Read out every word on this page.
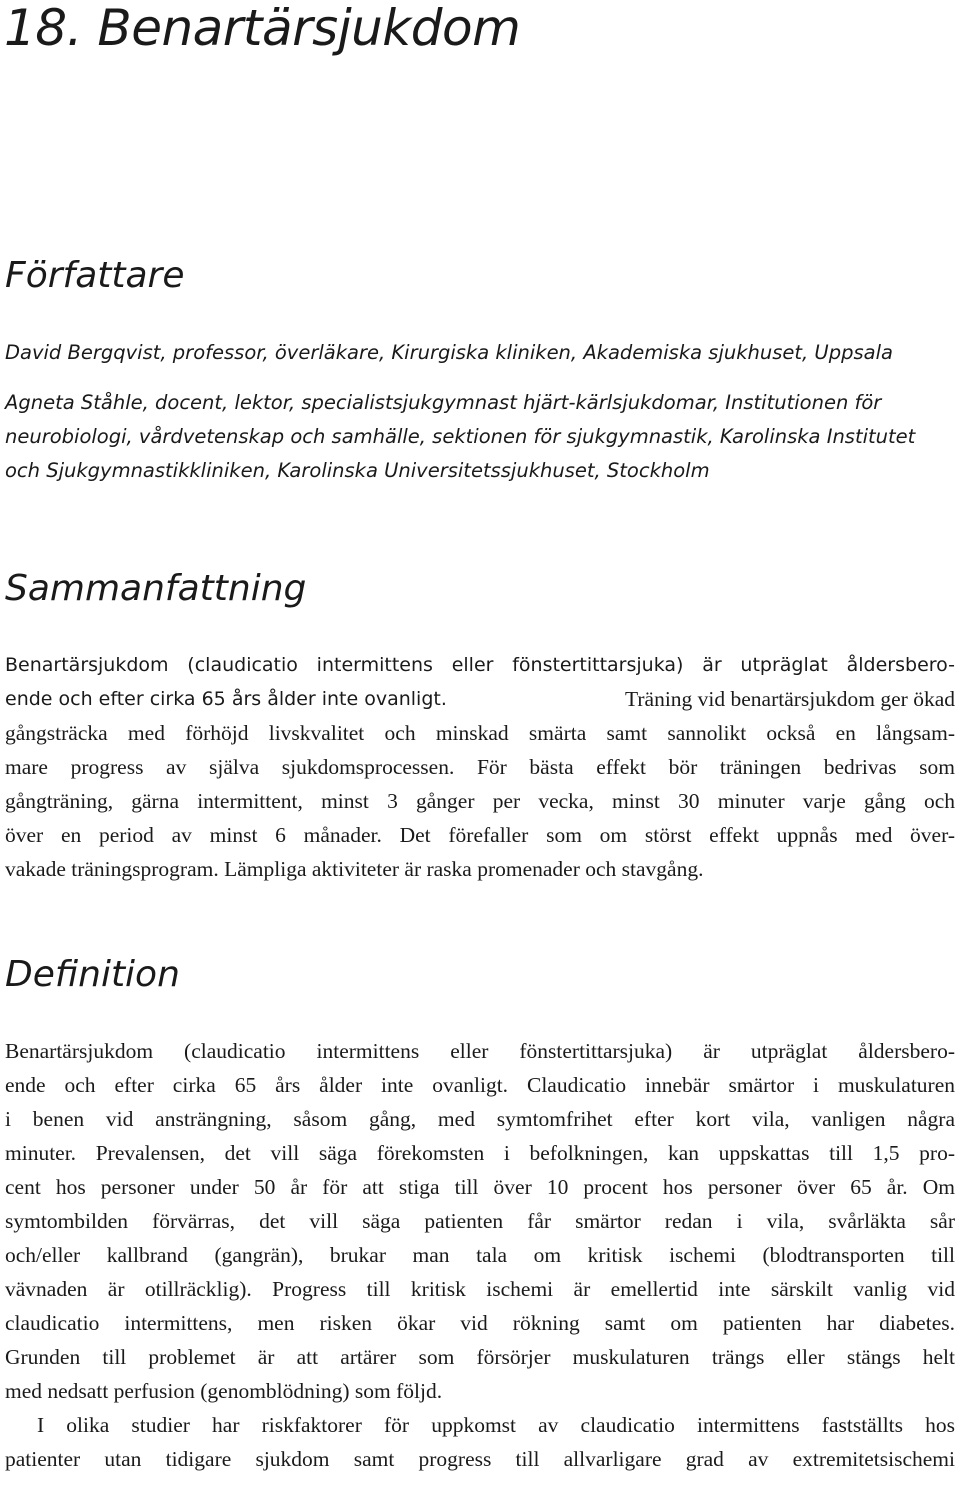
18. Benartärsjukdom
Författare
David Bergqvist, professor, överläkare, Kirurgiska kliniken, Akademiska sjukhuset, Uppsala
Agneta Ståhle, docent, lektor, specialistsjukgymnast hjärt-kärlsjukdomar, Institutionen för
neurobiologi, vårdvetenskap och samhälle, sektionen för sjukgymnastik, Karolinska Institutet
och Sjukgymnastikkliniken, Karolinska Universitetssjukhuset, Stockholm
Sammanfattning
Benartärsjukdom (claudicatio intermittens eller fönstertittarsjuka) är utpräglat åldersbero-
ende och efter cirka 65 års ålder inte ovanligt.	Träning vid benartärsjukdom ger ökad
gångsträcka med förhöjd livskvalitet och minskad smärta samt sannolikt också en långsam-
mare progress av själva sjukdomsprocessen. För bästa effekt bör träningen bedrivas som
gångträning, gärna intermittent, minst 3 gånger per vecka, minst 30 minuter varje gång och
över en period av minst 6 månader. Det förefaller som om störst effekt uppnås med över-
vakade träningsprogram. Lämpliga aktiviteter är raska promenader och stavgång.
Definition
Benartärsjukdom (claudicatio intermittens eller fönstertittarsjuka) är utpräglat åldersbero-
ende och efter cirka 65 års ålder inte ovanligt. Claudicatio innebär smärtor i muskulaturen
i benen vid ansträngning, såsom gång, med symtomfrihet efter kort vila, vanligen några
minuter. Prevalensen, det vill säga förekomsten i befolkningen, kan uppskattas till 1,5 pro-
cent hos personer under 50 år för att stiga till över 10 procent hos personer över 65 år. Om
symtombilden förvärras, det vill säga patienten får smärtor redan i vila, svårläkta sår
och/eller kallbrand (gangrän), brukar man tala om kritisk ischemi (blodtransporten till
vävnaden är otillräcklig). Progress till kritisk ischemi är emellertid inte särskilt vanlig vid
claudicatio intermittens, men risken ökar vid rökning samt om patienten har diabetes.
Grunden till problemet är att artärer som försörjer muskulaturen trängs eller stängs helt
med nedsatt perfusion (genomblödning) som följd.
I olika studier har riskfaktorer för uppkomst av claudicatio intermittens fastställts hos
patienter utan tidigare sjukdom samt progress till allvarligare grad av extremitetsischemi
